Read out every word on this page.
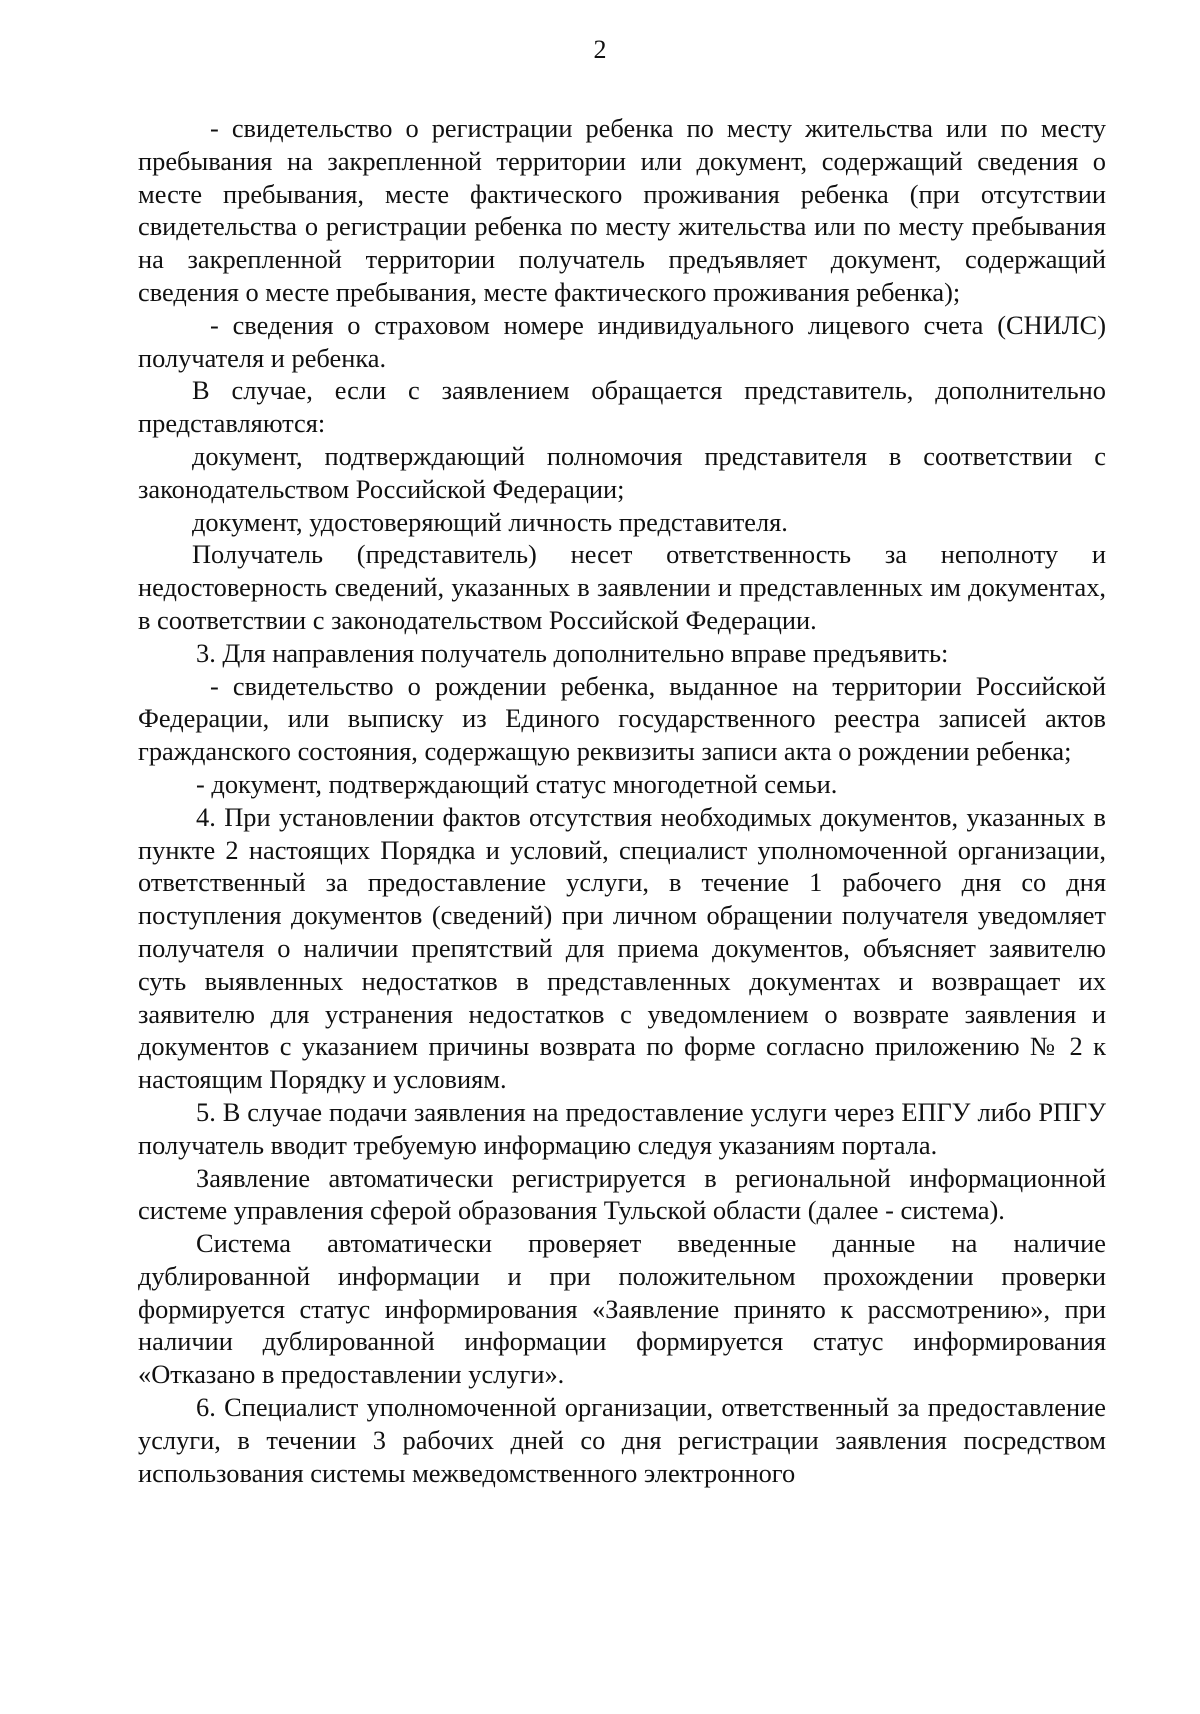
2

- свидетельство о регистрации ребенка по месту жительства или по месту пребывания на закрепленной территории или документ, содержащий сведения о месте пребывания, месте фактического проживания ребенка (при отсутствии свидетельства о регистрации ребенка по месту жительства или по месту пребывания на закрепленной территории получатель предъявляет документ, содержащий сведения о месте пребывания, месте фактического проживания ребенка);

- сведения о страховом номере индивидуального лицевого счета (СНИЛС) получателя и ребенка.

В случае, если с заявлением обращается представитель, дополнительно представляются:

документ, подтверждающий полномочия представителя в соответствии с законодательством Российской Федерации;

документ, удостоверяющий личность представителя.

Получатель (представитель) несет ответственность за неполноту и недостоверность сведений, указанных в заявлении и представленных им документах, в соответствии с законодательством Российской Федерации.

3. Для направления получатель дополнительно вправе предъявить:

- свидетельство о рождении ребенка, выданное на территории Российской Федерации, или выписку из Единого государственного реестра записей актов гражданского состояния, содержащую реквизиты записи акта о рождении ребенка;

- документ, подтверждающий статус многодетной семьи.

4. При установлении фактов отсутствия необходимых документов, указанных в пункте 2 настоящих Порядка и условий, специалист уполномоченной организации, ответственный за предоставление услуги, в течение 1 рабочего дня со дня поступления документов (сведений) при личном обращении получателя уведомляет получателя о наличии препятствий для приема документов, объясняет заявителю суть выявленных недостатков в представленных документах и возвращает их заявителю для устранения недостатков с уведомлением о возврате заявления и документов с указанием причины возврата по форме согласно приложению № 2 к настоящим Порядку и условиям.

5. В случае подачи заявления на предоставление услуги через ЕПГУ либо РПГУ получатель вводит требуемую информацию следуя указаниям портала.

Заявление автоматически регистрируется в региональной информационной системе управления сферой образования Тульской области (далее - система).

Система автоматически проверяет введенные данные на наличие дублированной информации и при положительном прохождении проверки формируется статус информирования «Заявление принято к рассмотрению», при наличии дублированной информации формируется статус информирования «Отказано в предоставлении услуги».

6. Специалист уполномоченной организации, ответственный за предоставление услуги, в течении 3 рабочих дней со дня регистрации заявления посредством использования системы межведомственного электронного
